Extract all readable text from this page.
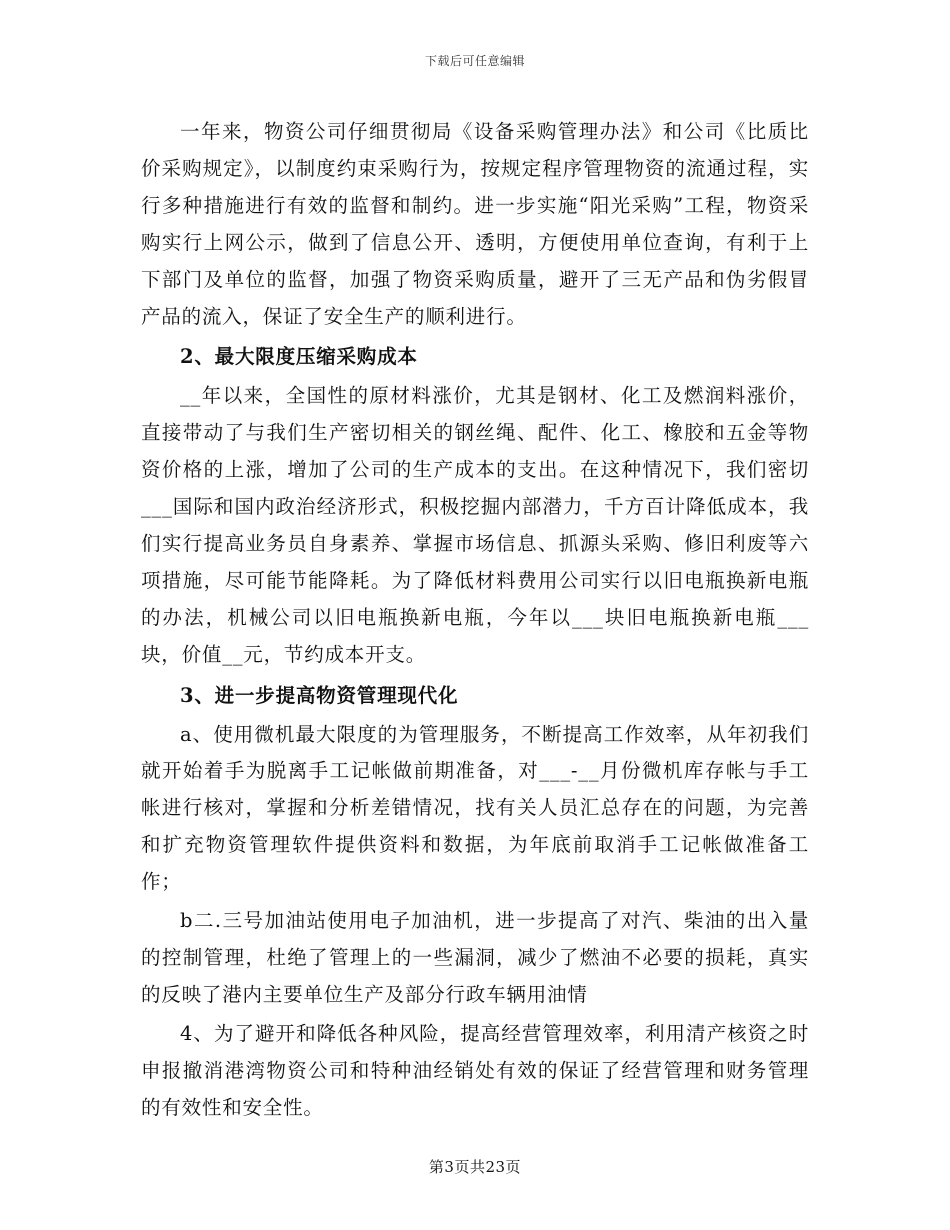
下载后可任意编辑

一年来，物资公司仔细贯彻局《设备采购管理办法》和公司《比质比价采购规定》，以制度约束采购行为，按规定程序管理物资的流通过程，实行多种措施进行有效的监督和制约。进一步实施“阳光采购”工程，物资采购实行上网公示，做到了信息公开、透明，方便使用单位查询，有利于上下部门及单位的监督，加强了物资采购质量，避开了三无产品和伪劣假冒产品的流入，保证了安全生产的顺利进行。

2、最大限度压缩采购成本

__年以来，全国性的原材料涨价，尤其是钢材、化工及燃润料涨价，直接带动了与我们生产密切相关的钢丝绳、配件、化工、橡胶和五金等物资价格的上涨，增加了公司的生产成本的支出。在这种情况下，我们密切___国际和国内政治经济形式，积极挖掘内部潜力，千方百计降低成本，我们实行提高业务员自身素养、掌握市场信息、抓源头采购、修旧利废等六项措施，尽可能节能降耗。为了降低材料费用公司实行以旧电瓶换新电瓶的办法，机械公司以旧电瓶换新电瓶，今年以___块旧电瓶换新电瓶___块，价值__元，节约成本开支。

3、进一步提高物资管理现代化

a、使用微机最大限度的为管理服务，不断提高工作效率，从年初我们就开始着手为脱离手工记帐做前期准备，对___-__月份微机库存帐与手工帐进行核对，掌握和分析差错情况，找有关人员汇总存在的问题，为完善和扩充物资管理软件提供资料和数据，为年底前取消手工记帐做准备工作；

b二.三号加油站使用电子加油机，进一步提高了对汽、柴油的出入量的控制管理，杜绝了管理上的一些漏洞，减少了燃油不必要的损耗，真实的反映了港内主要单位生产及部分行政车辆用油情

4、为了避开和降低各种风险，提高经营管理效率，利用清产核资之时申报撤消港湾物资公司和特种油经销处有效的保证了经营管理和财务管理的有效性和安全性。

第3页共23页
